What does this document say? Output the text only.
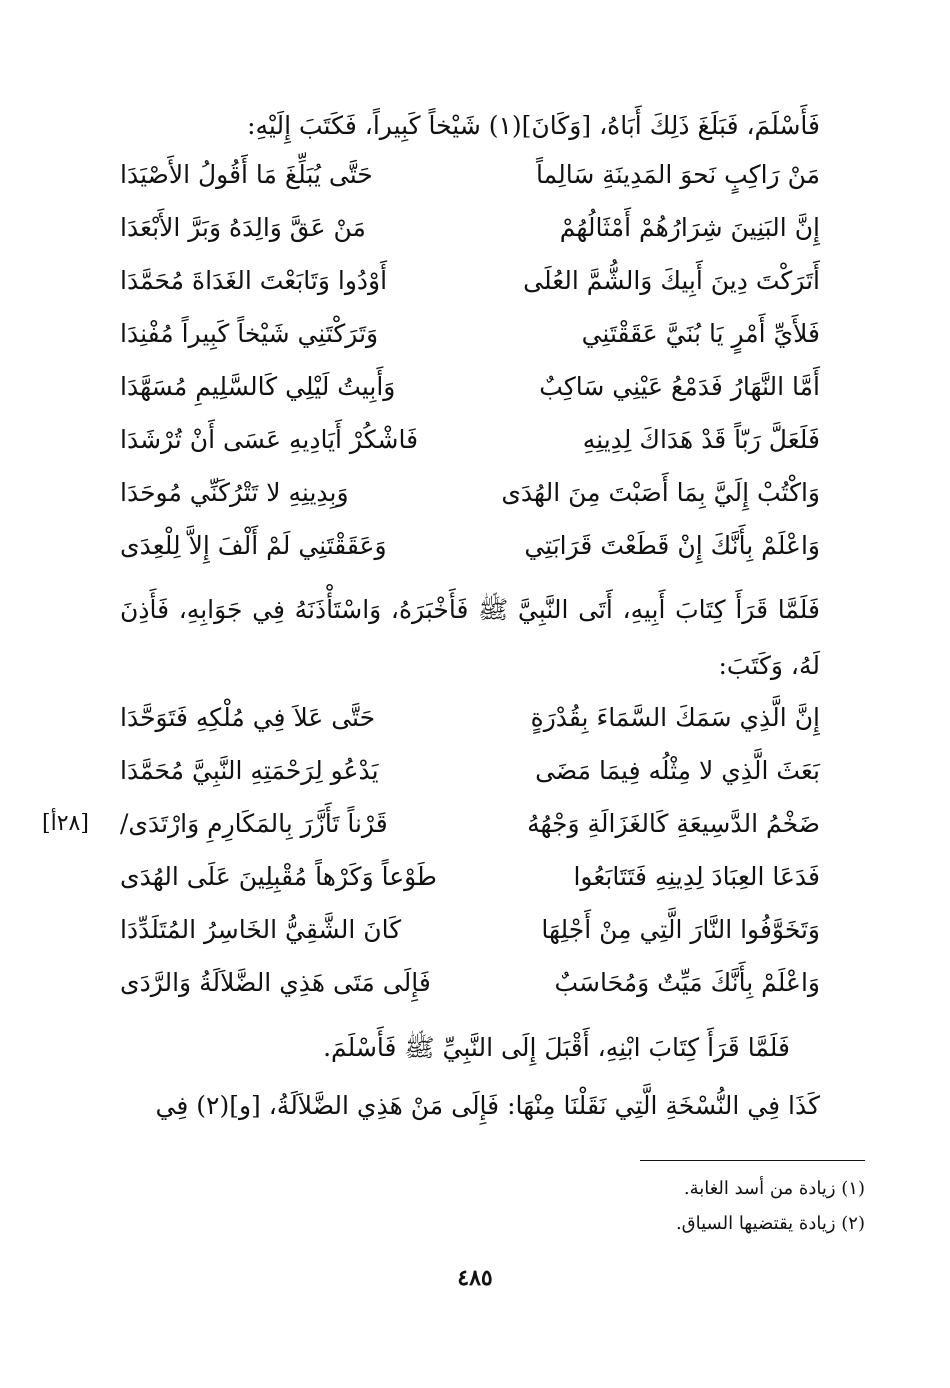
فَأَسْلَمَ، فَبَلَغَ ذَلِكَ أَبَاهُ، [وَكَانَ](١) شَيْخاً كَبِيراً، فَكَتَبَ إِلَيْهِ:
مَنْ رَاكِبٍ نَحوَ المَدِينَةِ سَالِماً
حَتَّى يُبَلِّغَ مَا أَقُولُ الأَصْيَدَا
إِنَّ البَنِينَ شِرَارُهُمْ أَمْثَالُهُمْ
مَنْ عَقَّ وَالِدَهُ وَبَرَّ الأَبْعَدَا
أَتَرَكْتَ دِينَ أَبِيكَ وَالشُّمَّ العُلَى
أَوْدُوا وَتَابَعْتَ الغَدَاةَ مُحَمَّدَا
فَلأَيِّ أَمْرٍ يَا بُنَيَّ عَقَقْتَنِي
وَتَرَكْتَنِي شَيْخاً كَبِيراً مُفْنِدَا
أَمَّا النَّهَارُ فَدَمْعُ عَيْنِي سَاكِبٌ
وَأَبِيتُ لَيْلِي كَالسَّلِيمِ مُسَهَّدَا
فَلَعَلَّ رَبّاً قَدْ هَدَاكَ لِدِينِهِ
فَاشْكُرْ أَيَادِيهِ عَسَى أَنْ تُرْشَدَا
وَاكْتُبْ إِلَيَّ بِمَا أَصَبْتَ مِنَ الهُدَى
وَبِدِينِهِ لا تَتْرُكَنِّي مُوحَدَا
وَاعْلَمْ بِأَنَّكَ إِنْ قَطَعْتَ قَرَابَتِي
وَعَقَقْتَنِي لَمْ أَلْفَ إِلاَّ لِلْعِدَى
فَلَمَّا قَرَأَ كِتَابَ أَبِيهِ، أَتَى النَّبِيَّ ﷺ فَأَخْبَرَهُ، وَاسْتَأْذَنَهُ فِي جَوَابِهِ، فَأَذِنَ لَهُ، وَكَتَبَ:
إِنَّ الَّذِي سَمَكَ السَّمَاءَ بِقُدْرَةٍ
حَتَّى عَلاَ فِي مُلْكِهِ فَتَوَحَّدَا
بَعَثَ الَّذِي لا مِثْلُه فِيمَا مَضَى
يَدْعُو لِرَحْمَتِهِ النَّبِيَّ مُحَمَّدَا
ضَخْمُ الدَّسِيعَةِ كَالغَزَالَةِ وَجْهُهُ
قَرْناً تَأَزَّرَ بِالمَكَارِمِ وَارْتَدَى/
فَدَعَا العِبَادَ لِدِينِهِ فَتَتَابَعُوا
طَوْعاً وَكَرْهاً مُقْبِلِينَ عَلَى الهُدَى
وَتَخَوَّفُوا النَّارَ الَّتِي مِنْ أَجْلِهَا
كَانَ الشَّقِيُّ الخَاسِرُ المُتَلَدِّدَا
وَاعْلَمْ بِأَنَّكَ مَيِّتٌ وَمُحَاسَبٌ
فَإِلَى مَتَى هَذِي الضَّلاَلَةُ وَالرَّدَى
[٢٨أ]
فَلَمَّا قَرَأَ كِتَابَ ابْنِهِ، أَقْبَلَ إِلَى النَّبِيِّ ﷺ فَأَسْلَمَ.
كَذَا فِي النُّسْخَةِ الَّتِي نَقَلْنَا مِنْهَا: فَإِلَى مَنْ هَذِي الضَّلاَلَةُ، [و](٢) فِي
(١) زيادة من أسد الغابة.
(٢) زيادة يقتضيها السياق.
٤٨٥
